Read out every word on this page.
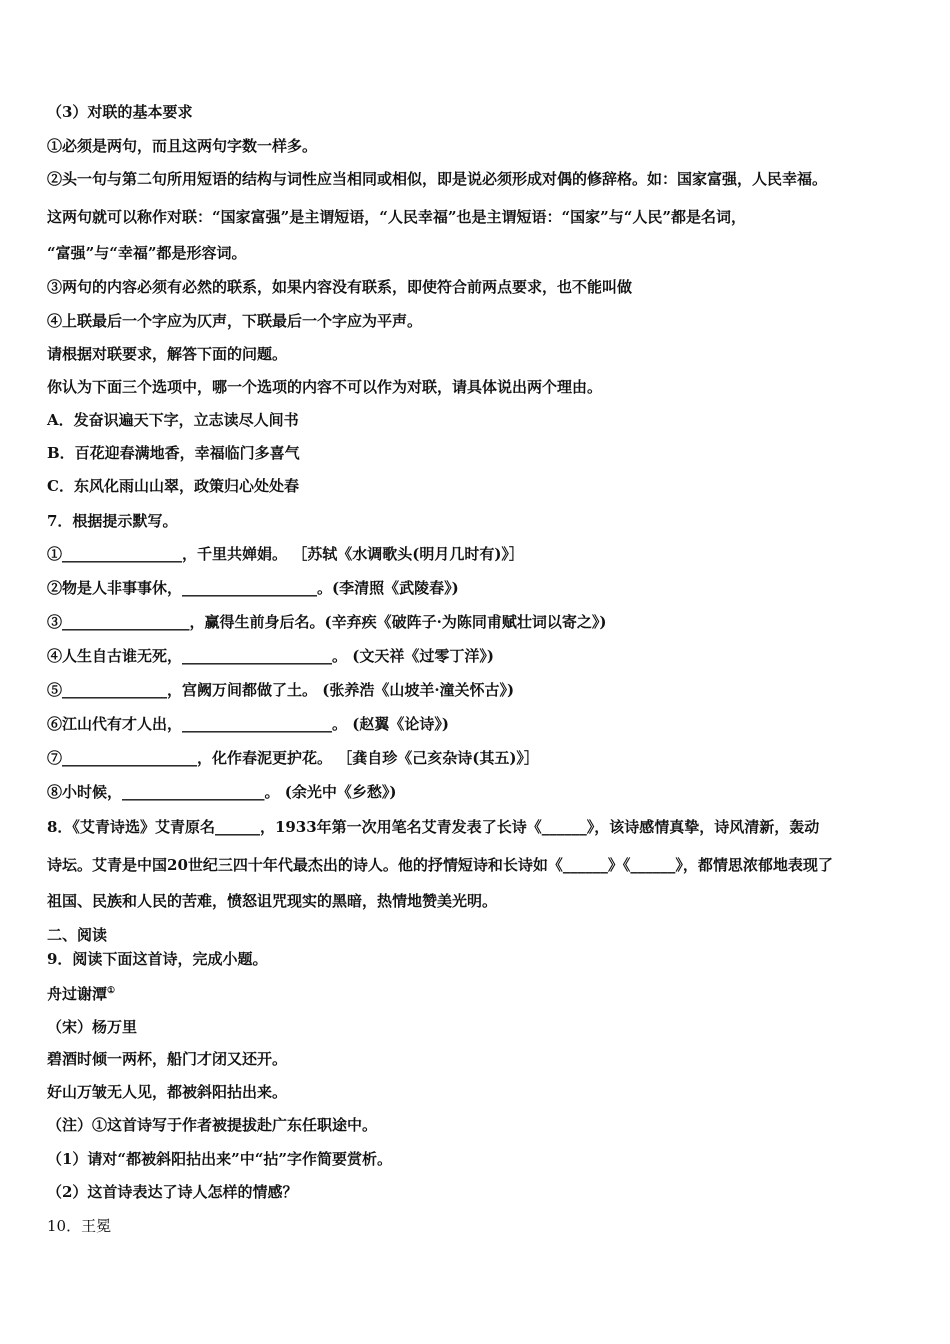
（3）对联的基本要求
①必须是两句，而且这两句字数一样多。
②头一句与第二句所用短语的结构与词性应当相同或相似，即是说必须形成对偶的修辞格。如：国家富强，人民幸福。
这两句就可以称作对联：“国家富强”是主谓短语，“人民幸福”也是主谓短语：“国家”与“人民”都是名词，
“富强”与“幸福”都是形容词。
③两句的内容必须有必然的联系，如果内容没有联系，即使符合前两点要求，也不能叫做
④上联最后一个字应为仄声，下联最后一个字应为平声。
请根据对联要求，解答下面的问题。
你认为下面三个选项中，哪一个选项的内容不可以作为对联，请具体说出两个理由。
A．发奋识遍天下字，立志读尽人间书
B．百花迎春满地香，幸福临门多喜气
C．东风化雨山山翠，政策归心处处春
7．根据提示默写。
①________________，千里共婵娟。 ［苏轼《水调歌头(明月几时有)》］
②物是人非事事休，__________________。(李清照《武陵春》)
③_________________，赢得生前身后名。(辛弃疾《破阵子·为陈同甫赋壮词以寄之》)
④人生自古谁无死，____________________。 (文天祥《过零丁洋》)
⑤______________，宫阙万间都做了土。 (张养浩《山坡羊·潼关怀古》)
⑥江山代有才人出，____________________。 (赵翼《论诗》)
⑦__________________，化作春泥更护花。 ［龚自珍《己亥杂诗(其五)》］
⑧小时候，___________________。 (余光中《乡愁》)
8．《艾青诗选》艾青原名______，1933年第一次用笔名艾青发表了长诗《______》，该诗感情真挚，诗风清新，轰动
诗坛。艾青是中国20世纪三四十年代最杰出的诗人。他的抒情短诗和长诗如《______》《______》，都情思浓郁地表现了
祖国、民族和人民的苦难，愤怒诅咒现实的黑暗，热情地赞美光明。
二、阅读
9．阅读下面这首诗，完成小题。
舟过谢潭①
（宋）杨万里
碧酒时倾一两杯，船门才闭又还开。
好山万皱无人见，都被斜阳拈出来。
（注）①这首诗写于作者被提拔赴广东任职途中。
（1）请对“都被斜阳拈出来”中“拈”字作简要赏析。
（2）这首诗表达了诗人怎样的情感？
10．王冕
